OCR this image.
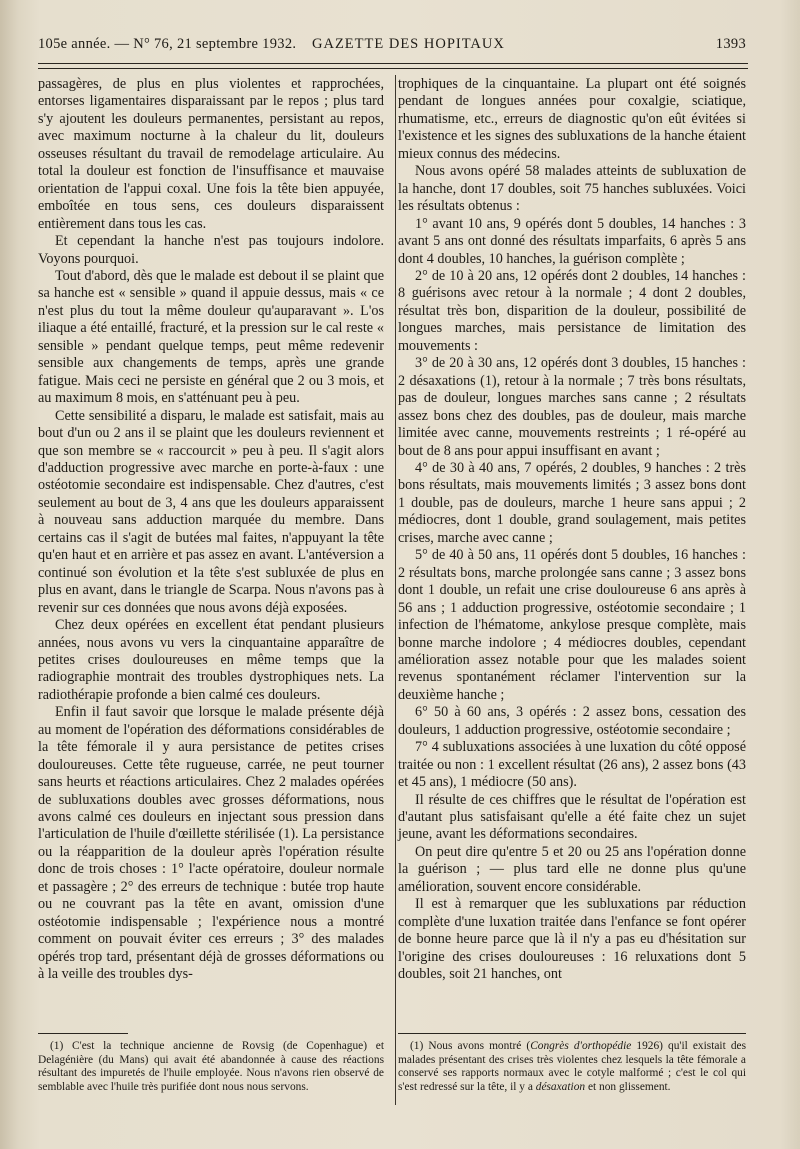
105e année. — N° 76, 21 septembre 1932. GAZETTE DES HOPITAUX	1393

passagères, de plus en plus violentes et rapprochées, entorses ligamentaires disparaissant par le repos ; plus tard s'y ajoutent les douleurs permanentes, persistant au repos, avec maximum nocturne à la chaleur du lit, douleurs osseuses résultant du travail de remodelage articulaire. Au total la douleur est fonction de l'insuffisance et mauvaise orientation de l'appui coxal. Une fois la tête bien appuyée, emboîtée en tous sens, ces douleurs disparaissent entièrement dans tous les cas.

Et cependant la hanche n'est pas toujours indolore. Voyons pourquoi.

Tout d'abord, dès que le malade est debout il se plaint que sa hanche est « sensible » quand il appuie dessus, mais « ce n'est plus du tout la même douleur qu'auparavant ». L'os iliaque a été entaillé, fracturé, et la pression sur le cal reste « sensible » pendant quelque temps, peut même redevenir sensible aux changements de temps, après une grande fatigue. Mais ceci ne persiste en général que 2 ou 3 mois, et au maximum 8 mois, en s'atténuant peu à peu.

Cette sensibilité a disparu, le malade est satisfait, mais au bout d'un ou 2 ans il se plaint que les douleurs reviennent et que son membre se « raccourcit » peu à peu. Il s'agit alors d'adduction progressive avec marche en porte-à-faux : une ostéotomie secondaire est indispensable. Chez d'autres, c'est seulement au bout de 3, 4 ans que les douleurs apparaissent à nouveau sans adduction marquée du membre. Dans certains cas il s'agit de butées mal faites, n'appuyant la tête qu'en haut et en arrière et pas assez en avant. L'antéversion a continué son évolution et la tête s'est subluxée de plus en plus en avant, dans le triangle de Scarpa. Nous n'avons pas à revenir sur ces données que nous avons déjà exposées.

Chez deux opérées en excellent état pendant plusieurs années, nous avons vu vers la cinquantaine apparaître de petites crises douloureuses en même temps que la radiographie montrait des troubles dystrophiques nets. La radiothérapie profonde a bien calmé ces douleurs.

Enfin il faut savoir que lorsque le malade présente déjà au moment de l'opération des déformations considérables de la tête fémorale il y aura persistance de petites crises douloureuses. Cette tête rugueuse, carrée, ne peut tourner sans heurts et réactions articulaires. Chez 2 malades opérées de subluxations doubles avec grosses déformations, nous avons calmé ces douleurs en injectant sous pression dans l'articulation de l'huile d'œillette stérilisée (1). La persistance ou la réapparition de la douleur après l'opération résulte donc de trois choses : 1° l'acte opératoire, douleur normale et passagère ; 2° des erreurs de technique : butée trop haute ou ne couvrant pas la tête en avant, omission d'une ostéotomie indispensable ; l'expérience nous a montré comment on pouvait éviter ces erreurs ; 3° des malades opérés trop tard, présentant déjà de grosses déformations ou à la veille des troubles dys-

(1) C'est la technique ancienne de Rovsig (de Copenhague) et Delagénière (du Mans) qui avait été abandonnée à cause des réactions résultant des impuretés de l'huile employée. Nous n'avons rien observé de semblable avec l'huile très purifiée dont nous nous servons.

trophiques de la cinquantaine. La plupart ont été soignés pendant de longues années pour coxalgie, sciatique, rhumatisme, etc., erreurs de diagnostic qu'on eût évitées si l'existence et les signes des subluxations de la hanche étaient mieux connus des médecins.

Nous avons opéré 58 malades atteints de subluxation de la hanche, dont 17 doubles, soit 75 hanches subluxées. Voici les résultats obtenus :

1° avant 10 ans, 9 opérés dont 5 doubles, 14 hanches : 3 avant 5 ans ont donné des résultats imparfaits, 6 après 5 ans dont 4 doubles, 10 hanches, la guérison complète ;

2° de 10 à 20 ans, 12 opérés dont 2 doubles, 14 hanches : 8 guérisons avec retour à la normale ; 4 dont 2 doubles, résultat très bon, disparition de la douleur, possibilité de longues marches, mais persistance de limitation des mouvements :

3° de 20 à 30 ans, 12 opérés dont 3 doubles, 15 hanches : 2 désaxations (1), retour à la normale ; 7 très bons résultats, pas de douleur, longues marches sans canne ; 2 résultats assez bons chez des doubles, pas de douleur, mais marche limitée avec canne, mouvements restreints ; 1 ré-opéré au bout de 8 ans pour appui insuffisant en avant ;

4° de 30 à 40 ans, 7 opérés, 2 doubles, 9 hanches : 2 très bons résultats, mais mouvements limités ; 3 assez bons dont 1 double, pas de douleurs, marche 1 heure sans appui ; 2 médiocres, dont 1 double, grand soulagement, mais petites crises, marche avec canne ;

5° de 40 à 50 ans, 11 opérés dont 5 doubles, 16 hanches : 2 résultats bons, marche prolongée sans canne ; 3 assez bons dont 1 double, un refait une crise douloureuse 6 ans après à 56 ans ; 1 adduction progressive, ostéotomie secondaire ; 1 infection de l'hématome, ankylose presque complète, mais bonne marche indolore ; 4 médiocres doubles, cependant amélioration assez notable pour que les malades soient revenus spontanément réclamer l'intervention sur la deuxième hanche ;

6° 50 à 60 ans, 3 opérés : 2 assez bons, cessation des douleurs, 1 adduction progressive, ostéotomie secondaire ;

7° 4 subluxations associées à une luxation du côté opposé traitée ou non : 1 excellent résultat (26 ans), 2 assez bons (43 et 45 ans), 1 médiocre (50 ans).

Il résulte de ces chiffres que le résultat de l'opération est d'autant plus satisfaisant qu'elle a été faite chez un sujet jeune, avant les déformations secondaires.

On peut dire qu'entre 5 et 20 ou 25 ans l'opération donne la guérison ; — plus tard elle ne donne plus qu'une amélioration, souvent encore considérable.

Il est à remarquer que les subluxations par réduction complète d'une luxation traitée dans l'enfance se font opérer de bonne heure parce que là il n'y a pas eu d'hésitation sur l'origine des crises douloureuses : 16 reluxations dont 5 doubles, soit 21 hanches, ont

(1) Nous avons montré (Congrès d'orthopédie 1926) qu'il existait des malades présentant des crises très violentes chez lesquels la tête fémorale a conservé ses rapports normaux avec le cotyle malformé ; c'est le col qui s'est redressé sur la tête, il y a désaxation et non glissement.
